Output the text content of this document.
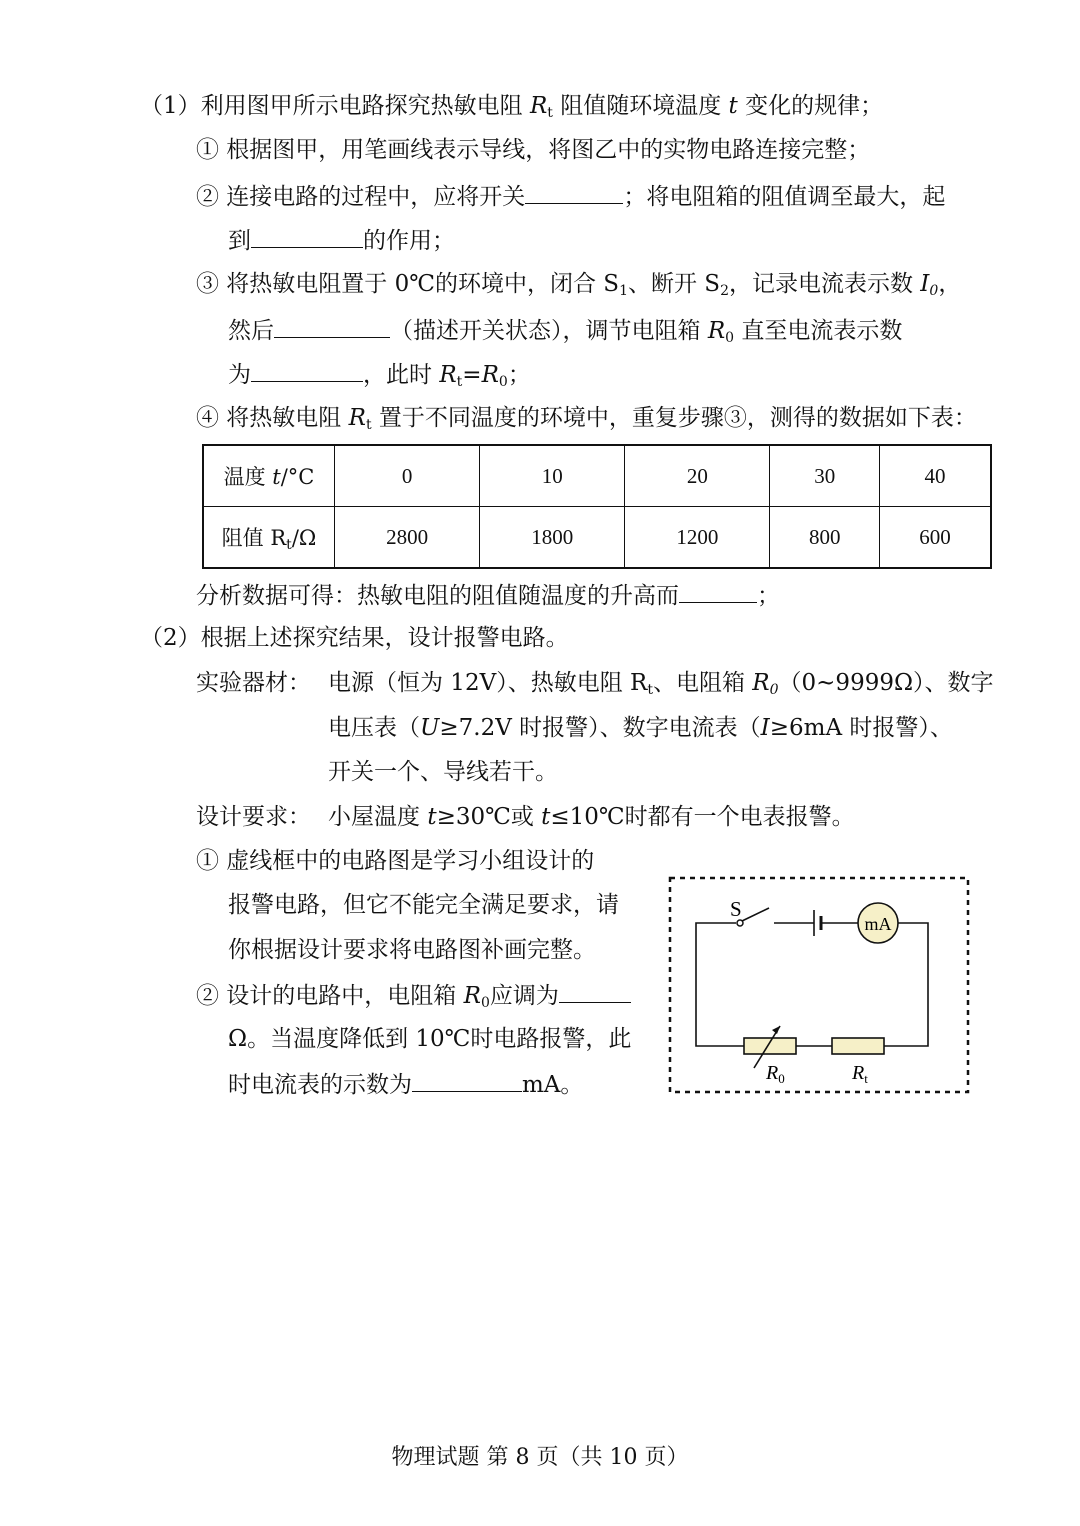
（1）利用图甲所示电路探究热敏电阻 $R_t$ 阻值随环境温度 t 变化的规律；
① 根据图甲，用笔画线表示导线，将图乙中的实物电路连接完整；
② 连接电路的过程中，应将开关	；将电阻箱的阻值调至最大，起
到	的作用；
③ 将热敏电阻置于 0℃的环境中，闭合 $S_1$、断开 $S_2$，记录电流表示数 $I_0$，
然后	（描述开关状态），调节电阻箱 $R_0$ 直至电流表示数
为	，此时 $R_t=R_0$；
④ 将热敏电阻 $R_t$ 置于不同温度的环境中，重复步骤③，测得的数据如下表：
温度 t/°C	0	10	20	30	40
阻值 $R_t/\Omega$	2800	1800	1200	800	600
分析数据可得：热敏电阻的阻值随温度的升高而	；
（2）根据上述探究结果，设计报警电路。
实验器材： 电源（恒为 12V）、热敏电阻 $R_t$、电阻箱 $R_0(0\sim 9999\Omega)$、数字
电压表（U≥7.2V 时报警）、数字电流表（I≥6mA 时报警）、
开关一个、导线若干。
设计要求： 小屋温度 t≥30℃或 t≤10℃时都有一个电表报警。
① 虚线框中的电路图是学习小组设计的
报警电路，但它不能完全满足要求，请
你根据设计要求将电路图补画完整。
② 设计的电路中，电阻箱 $R_0$应调为
Ω。当温度降低到 10℃时电路报警，此
时电流表的示数为	mA。
mA
S
$R_0$	$R_t$
物理试题 第 8 页（共 10 页）
